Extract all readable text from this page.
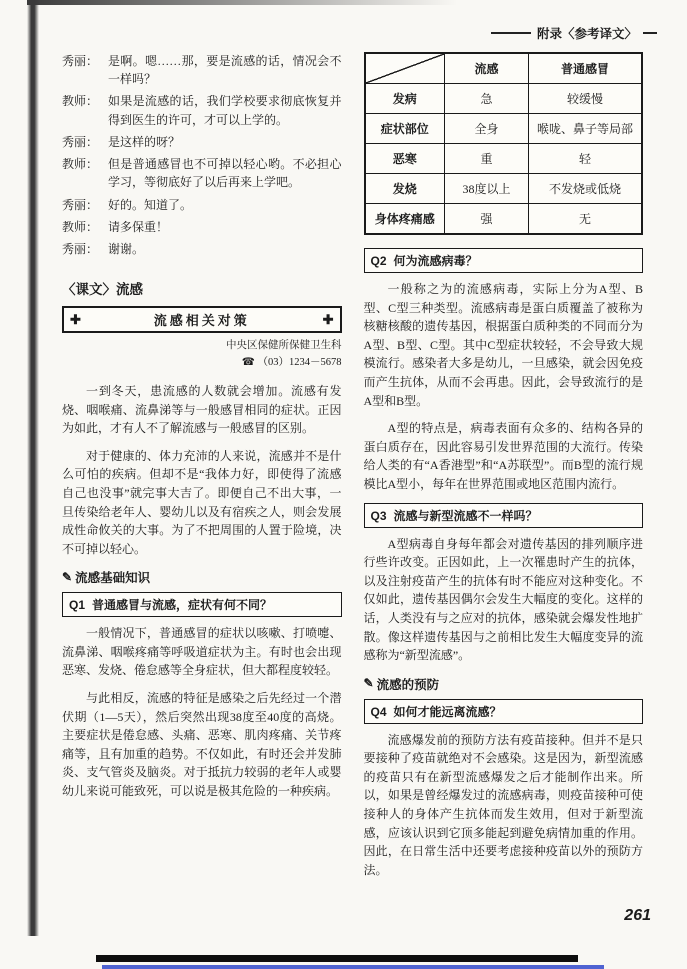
附录〈参考译文〉
秀丽： 是啊。嗯……那，要是流感的话，情况会不一样吗？
教师： 如果是流感的话，我们学校要求彻底恢复并得到医生的许可，才可以上学的。
秀丽： 是这样的呀？
教师： 但是普通感冒也不可掉以轻心哟。不必担心学习，等彻底好了以后再来上学吧。
秀丽： 好的。知道了。
教师： 请多保重！
秀丽： 谢谢。
〈课文〉流感
✚	流感相关对策	✚
中央区保健所保健卫生科
☎ （03）1234－5678

一到冬天，患流感的人数就会增加。流感有发烧、咽喉痛、流鼻涕等与一般感冒相同的症状。正因为如此，才有人不了解流感与一般感冒的区别。

对于健康的、体力充沛的人来说，流感并不是什么可怕的疾病。但却不是“我体力好，即使得了流感自己也没事”就完事大吉了。即便自己不出大事，一旦传染给老年人、婴幼儿以及有宿疾之人，则会发展成性命攸关的大事。为了不把周围的人置于险境，决不可掉以轻心。

✎ 流感基础知识
Q1 普通感冒与流感，症状有何不同？

一般情况下，普通感冒的症状以咳嗽、打喷嚏、流鼻涕、咽喉疼痛等呼吸道症状为主。有时也会出现恶寒、发烧、倦怠感等全身症状，但大都程度较轻。

与此相反，流感的特征是感染之后先经过一个潜伏期（1—5天），然后突然出现38度至40度的高烧。主要症状是倦怠感、头痛、恶寒、肌肉疼痛、关节疼痛等，且有加重的趋势。不仅如此，有时还会并发肺炎、支气管炎及脑炎。对于抵抗力较弱的老年人或婴幼儿来说可能致死，可以说是极其危险的一种疾病。

	流感	普通感冒
发病	急	较缓慢
症状部位	全身	喉咙、鼻子等局部
恶寒	重	轻
发烧	38度以上	不发烧或低烧
身体疼痛感	强	无
Q2 何为流感病毒？

一般称之为的流感病毒，实际上分为A型、B型、C型三种类型。流感病毒是蛋白质覆盖了被称为核糖核酸的遗传基因，根据蛋白质种类的不同而分为A型、B型、C型。其中C型症状较轻，不会导致大规模流行。感染者大多是幼儿，一旦感染，就会因免疫而产生抗体，从而不会再患。因此，会导致流行的是A型和B型。

A型的特点是，病毒表面有众多的、结构各异的蛋白质存在，因此容易引发世界范围的大流行。传染给人类的有“A香港型”和“A苏联型”。而B型的流行规模比A型小，每年在世界范围或地区范围内流行。

Q3 流感与新型流感不一样吗？

A型病毒自身每年都会对遗传基因的排列顺序进行些许改变。正因如此，上一次罹患时产生的抗体，以及注射疫苗产生的抗体有时不能应对这种变化。不仅如此，遗传基因偶尔会发生大幅度的变化。这样的话，人类没有与之应对的抗体，感染就会爆发性地扩散。像这样遗传基因与之前相比发生大幅度变异的流感称为“新型流感”。

✎ 流感的预防
Q4 如何才能远离流感？

流感爆发前的预防方法有疫苗接种。但并不是只要接种了疫苗就绝对不会感染。这是因为，新型流感的疫苗只有在新型流感爆发之后才能制作出来。所以，如果是曾经爆发过的流感病毒，则疫苗接种可使接种人的身体产生抗体而发生效用，但对于新型流感，应该认识到它顶多能起到避免病情加重的作用。因此，在日常生活中还要考虑接种疫苗以外的预防方法。

261
